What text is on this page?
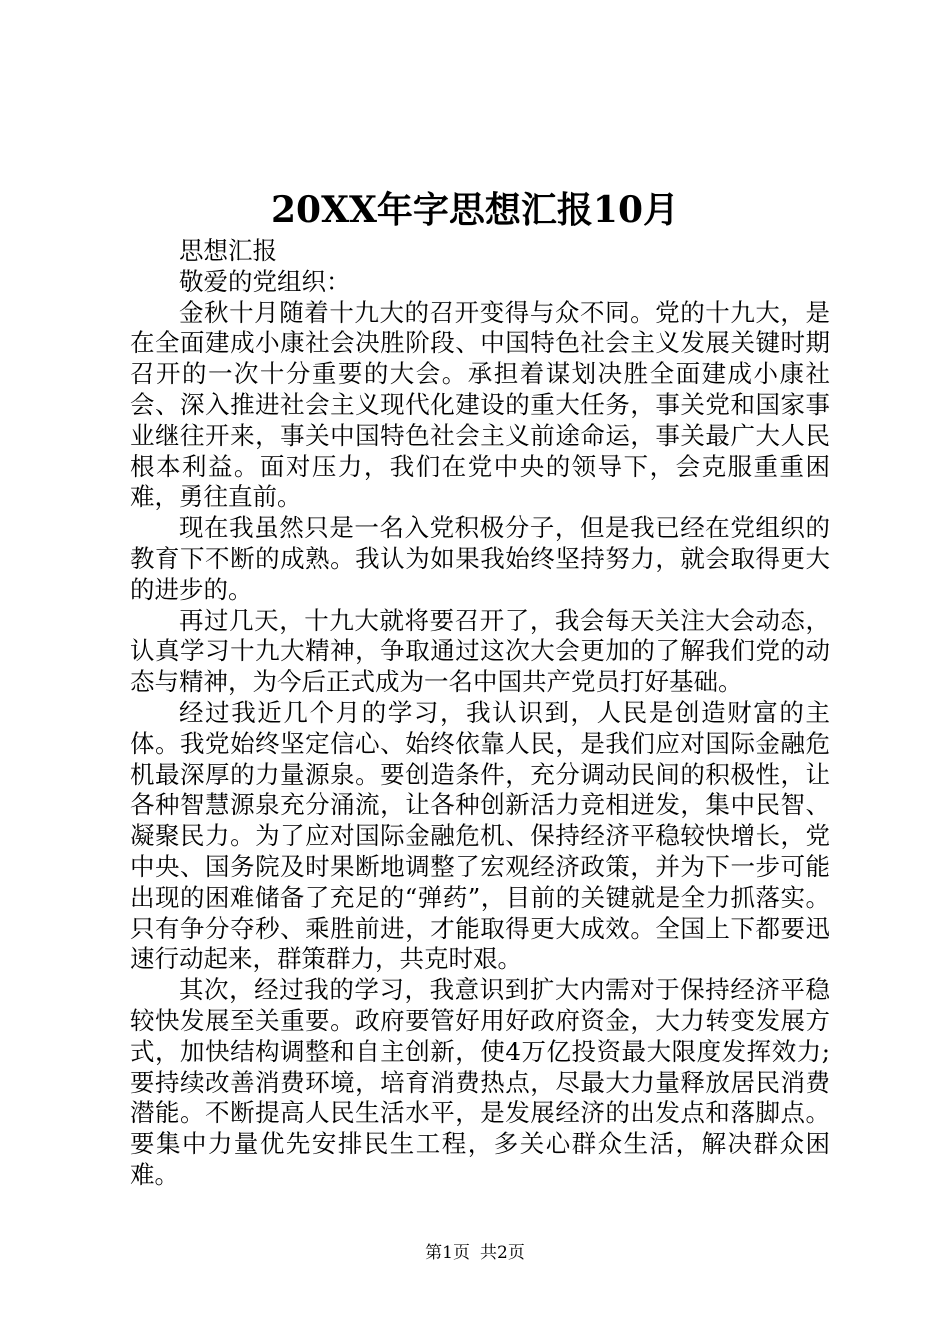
20XX年字思想汇报10月

思想汇报

敬爱的党组织：

金秋十月随着十九大的召开变得与众不同。党的十九大，是在全面建成小康社会决胜阶段、中国特色社会主义发展关键时期召开的一次十分重要的大会。承担着谋划决胜全面建成小康社会、深入推进社会主义现代化建设的重大任务，事关党和国家事业继往开来，事关中国特色社会主义前途命运，事关最广大人民根本利益。面对压力，我们在党中央的领导下，会克服重重困难，勇往直前。

现在我虽然只是一名入党积极分子，但是我已经在党组织的教育下不断的成熟。我认为如果我始终坚持努力，就会取得更大的进步的。

再过几天，十九大就将要召开了，我会每天关注大会动态，认真学习十九大精神，争取通过这次大会更加的了解我们党的动态与精神，为今后正式成为一名中国共产党员打好基础。

经过我近几个月的学习，我认识到，人民是创造财富的主体。我党始终坚定信心、始终依靠人民，是我们应对国际金融危机最深厚的力量源泉。要创造条件，充分调动民间的积极性，让各种智慧源泉充分涌流，让各种创新活力竞相迸发，集中民智、凝聚民力。为了应对国际金融危机、保持经济平稳较快增长，党中央、国务院及时果断地调整了宏观经济政策，并为下一步可能出现的困难储备了充足的“弹药”，目前的关键就是全力抓落实。只有争分夺秒、乘胜前进，才能取得更大成效。全国上下都要迅速行动起来，群策群力，共克时艰。

其次，经过我的学习，我意识到扩大内需对于保持经济平稳较快发展至关重要。政府要管好用好政府资金，大力转变发展方式，加快结构调整和自主创新，使4万亿投资最大限度发挥效力;要持续改善消费环境，培育消费热点，尽最大力量释放居民消费潜能。不断提高人民生活水平，是发展经济的出发点和落脚点。要集中力量优先安排民生工程，多关心群众生活，解决群众困难。

第1页 共2页
